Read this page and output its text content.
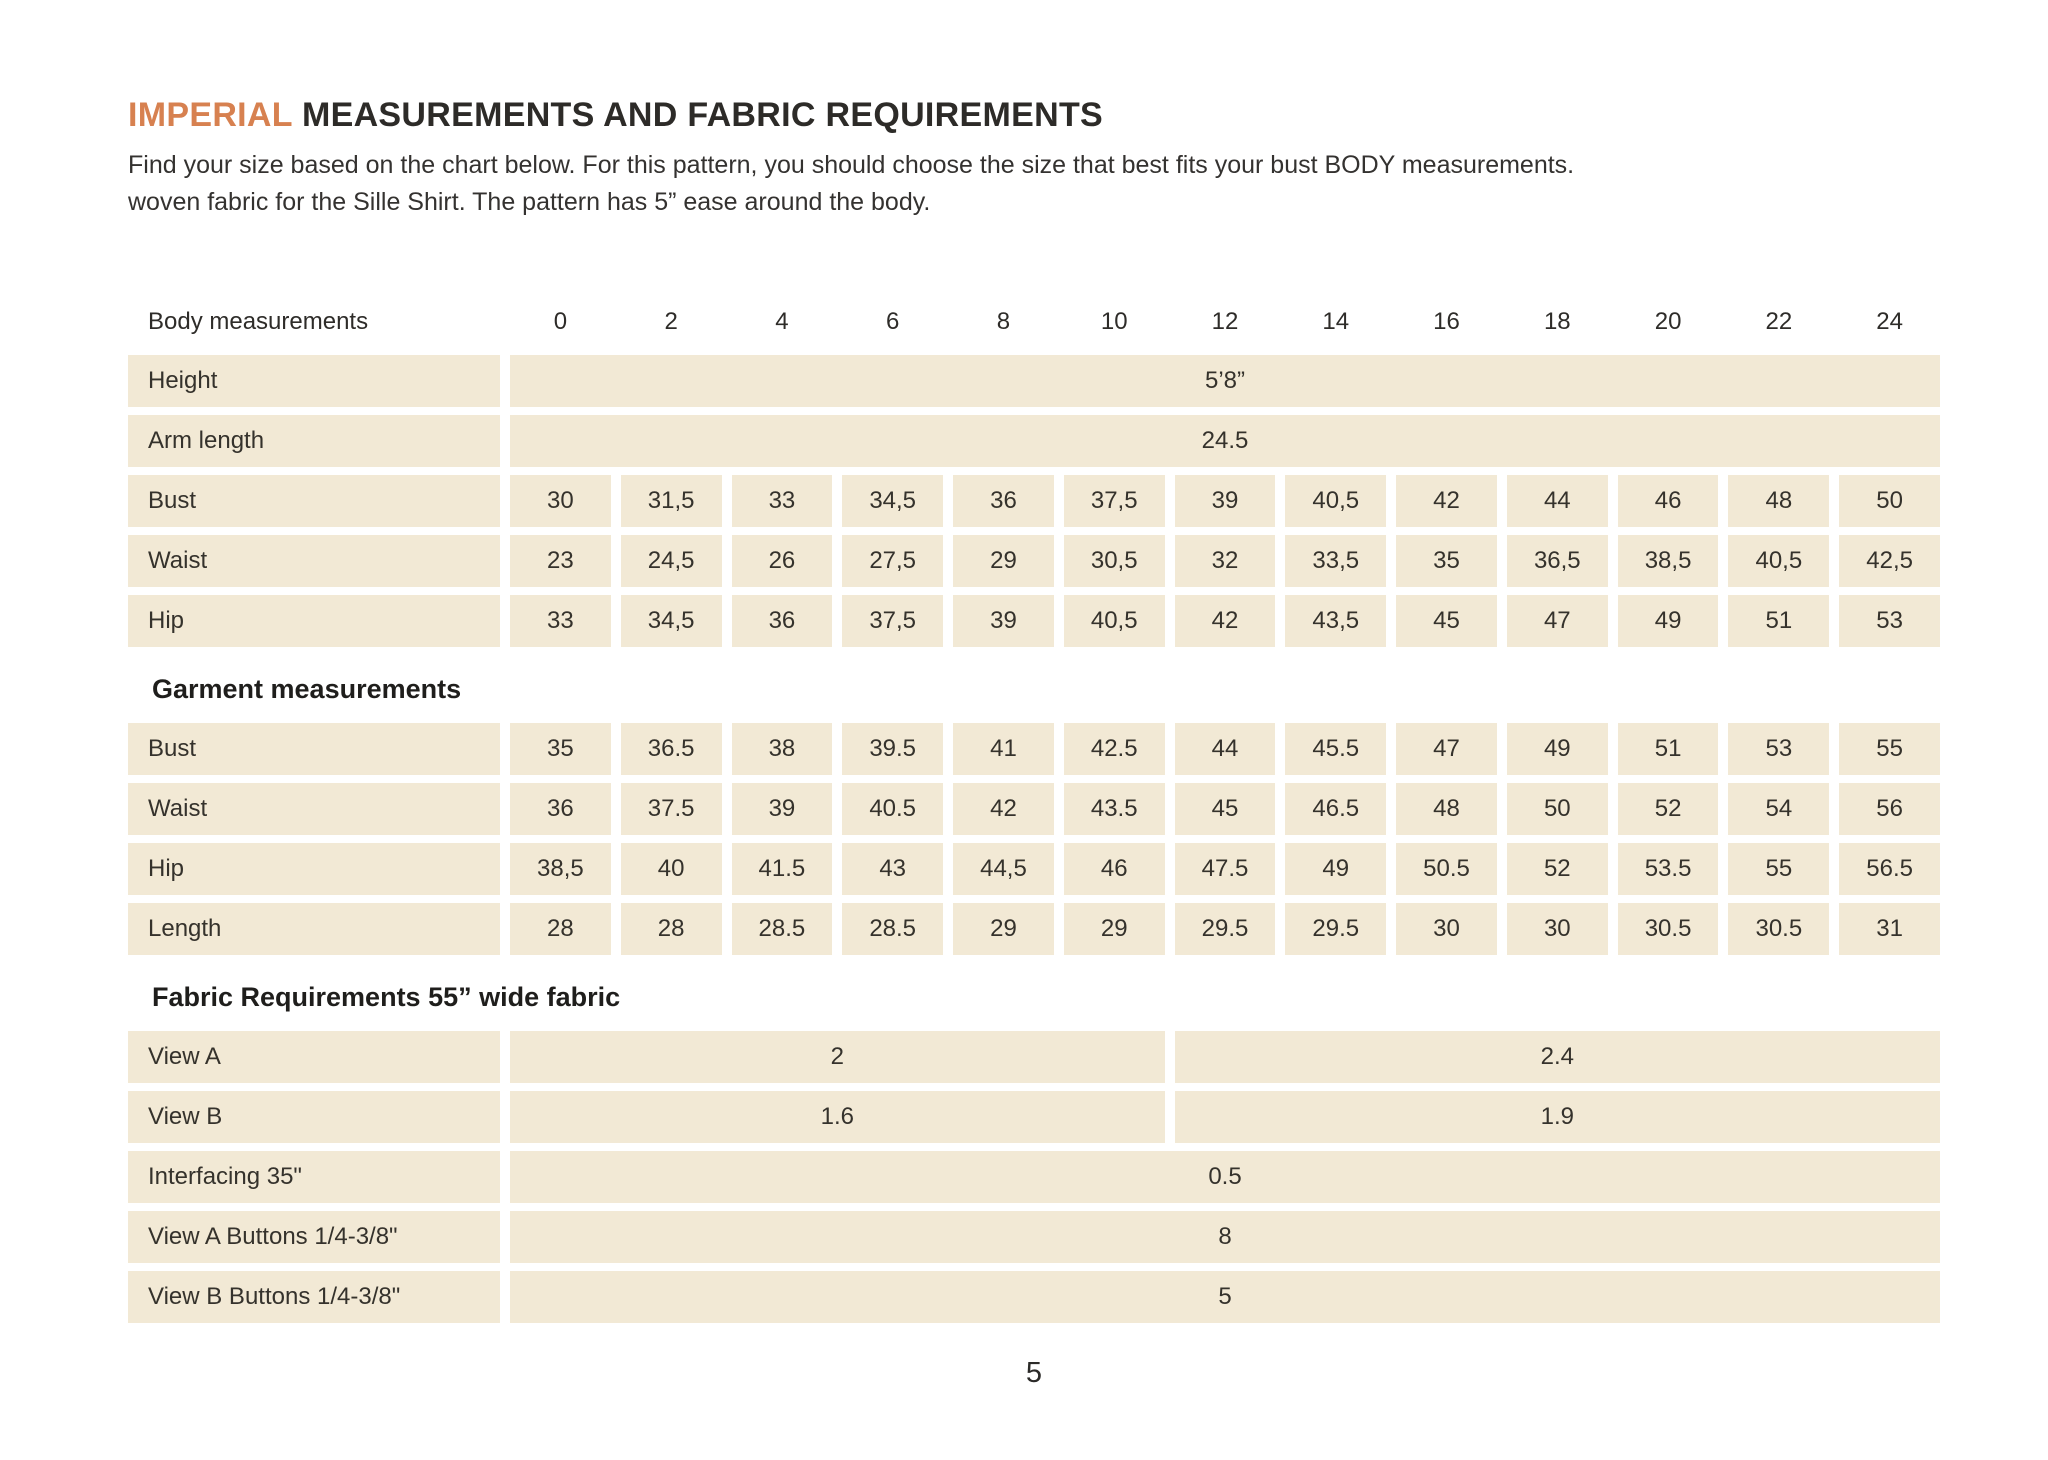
IMPERIAL MEASUREMENTS AND FABRIC REQUIREMENTS
Find your size based on the chart below. For this pattern, you should choose the size that best fits your bust BODY measurements.
woven fabric for the Sille Shirt. The pattern has 5” ease around the body.
Body measurements	0	2	4	6	8	10	12	14	16	18	20	22	24
Height	5’8”
Arm length	24.5
Bust	30	31,5	33	34,5	36	37,5	39	40,5	42	44	46	48	50
Waist	23	24,5	26	27,5	29	30,5	32	33,5	35	36,5	38,5	40,5	42,5
Hip	33	34,5	36	37,5	39	40,5	42	43,5	45	47	49	51	53
Garment measurements
Bust	35	36.5	38	39.5	41	42.5	44	45.5	47	49	51	53	55
Waist	36	37.5	39	40.5	42	43.5	45	46.5	48	50	52	54	56
Hip	38,5	40	41.5	43	44,5	46	47.5	49	50.5	52	53.5	55	56.5
Length	28	28	28.5	28.5	29	29	29.5	29.5	30	30	30.5	30.5	31
Fabric Requirements 55” wide fabric
View A	2	2.4
View B	1.6	1.9
Interfacing 35"	0.5
View A Buttons 1/4-3/8"	8
View B Buttons 1/4-3/8"	5
5
